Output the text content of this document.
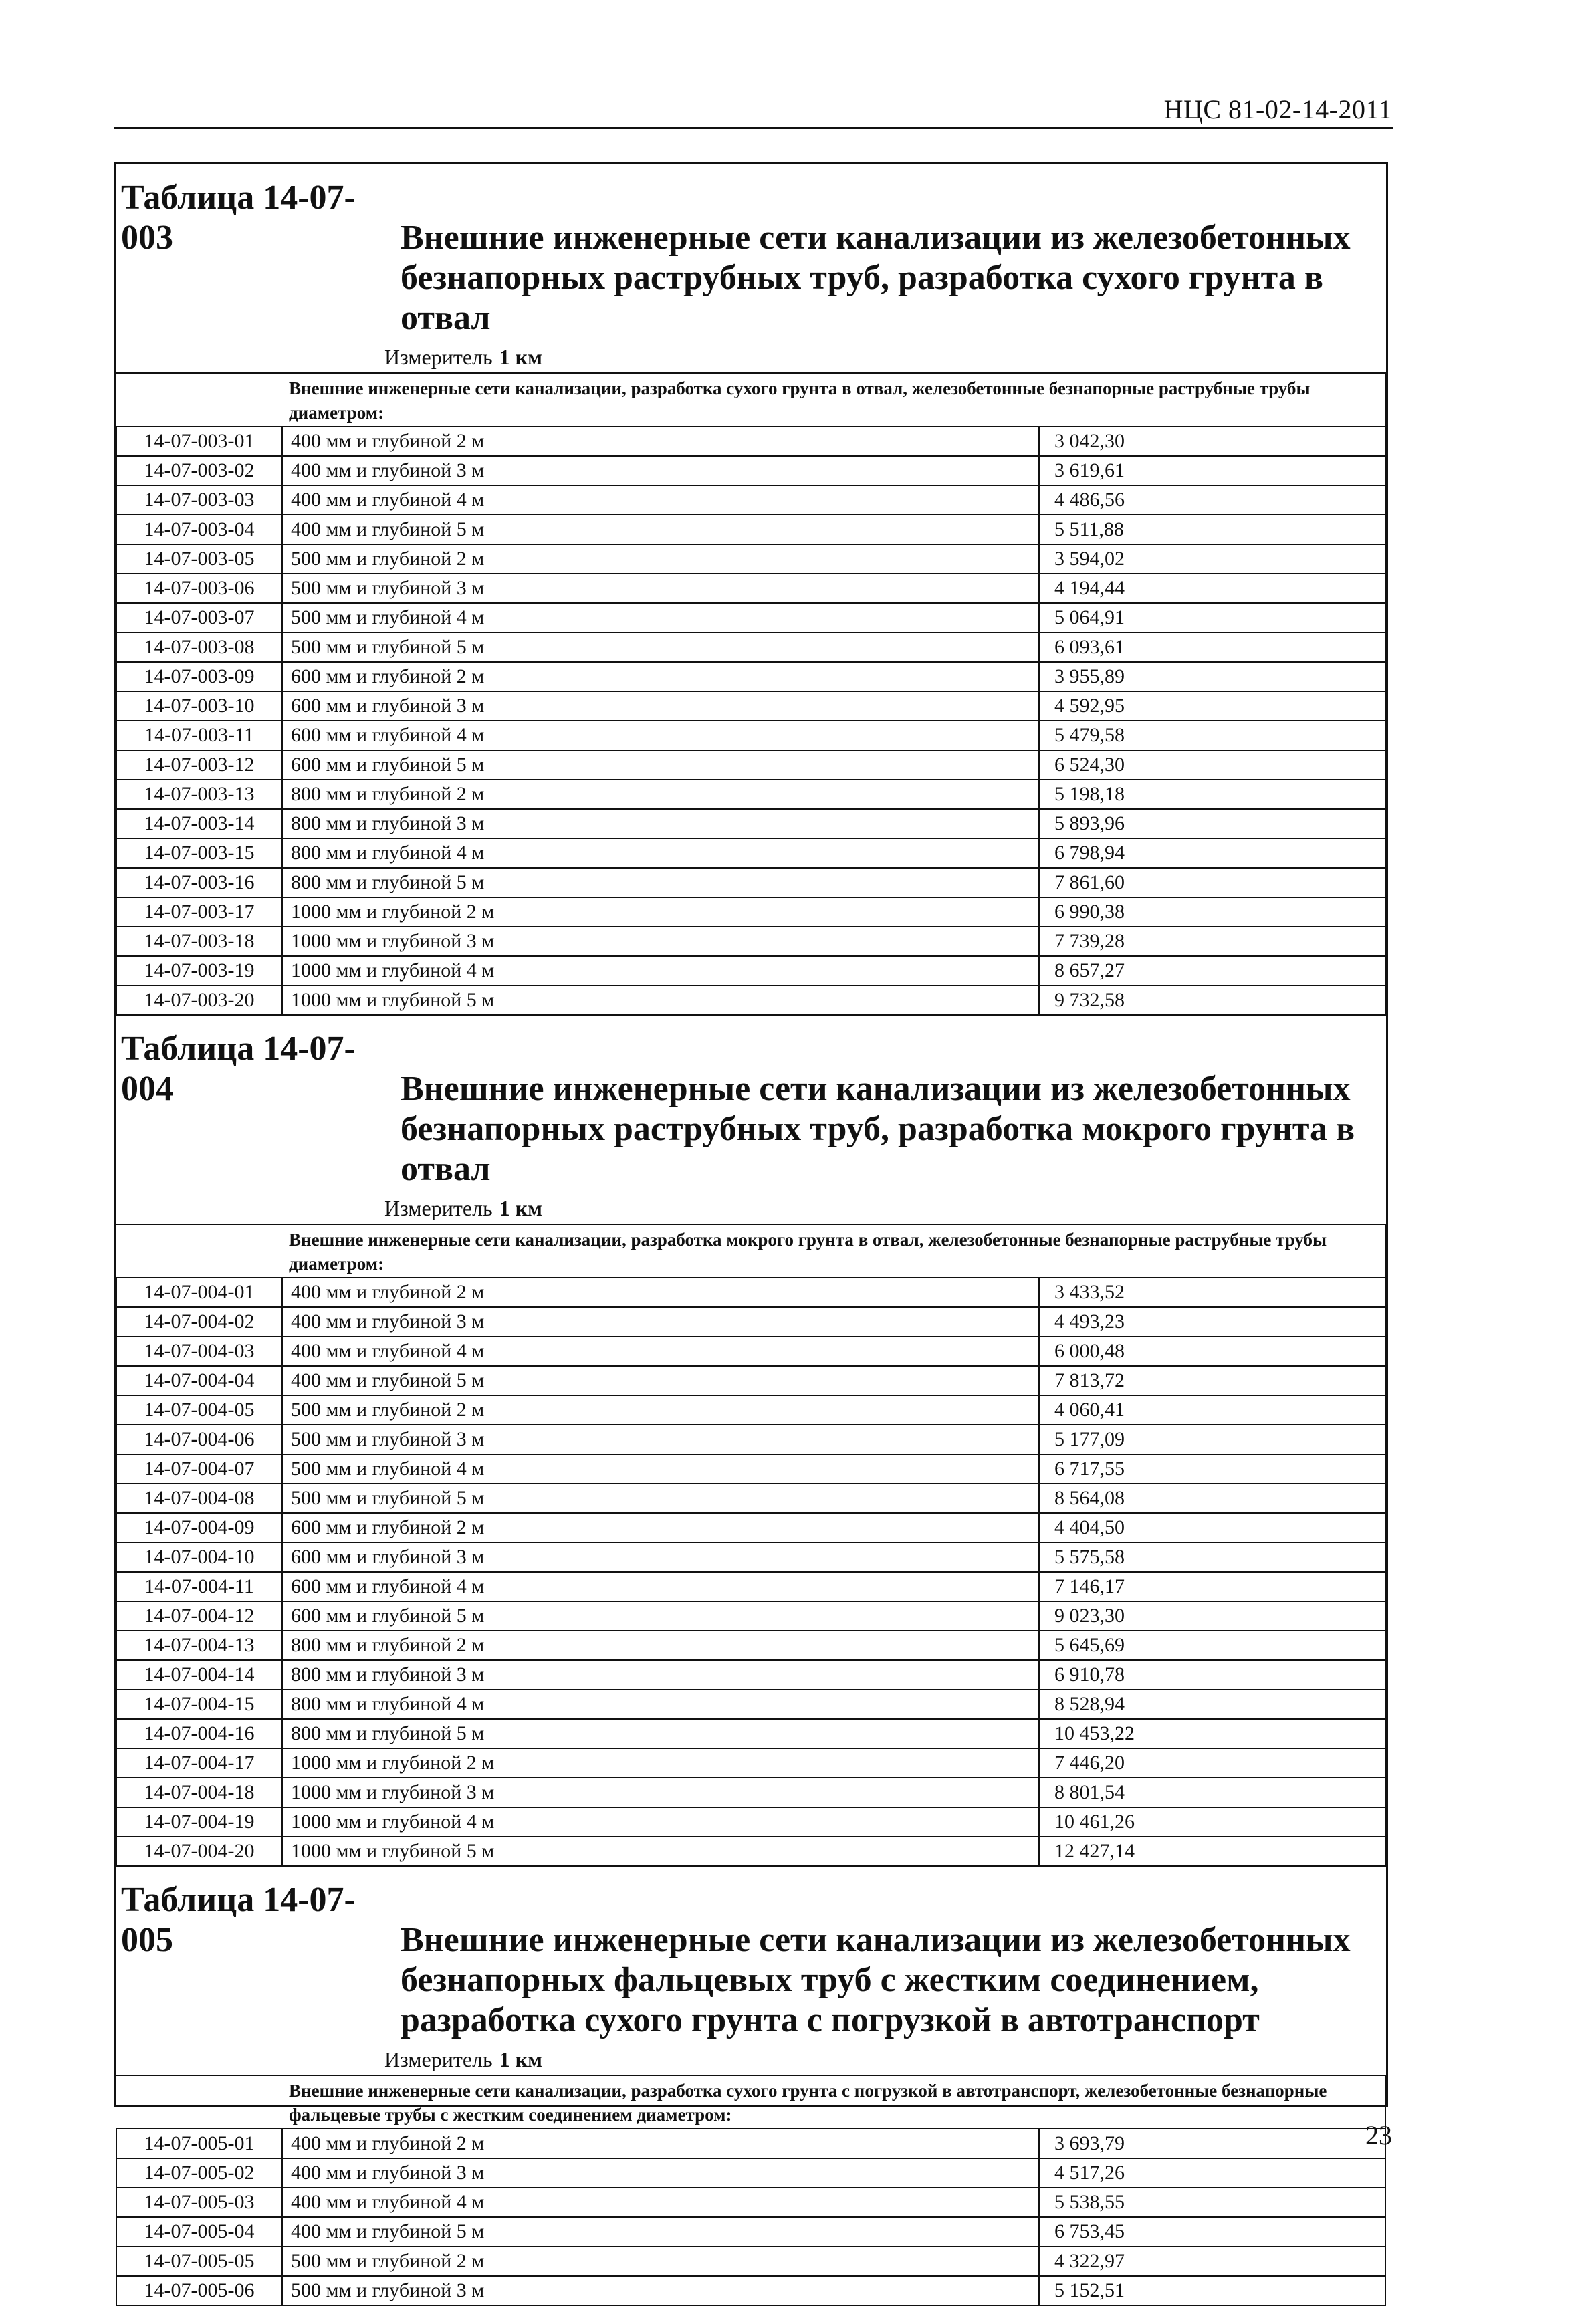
НЦС 81-02-14-2011
Таблица 14-07-003	Внешние инженерные сети канализации из железобетонных
безнапорных раструбных труб, разработка сухого грунта в отвал
Измеритель 1 км
	Внешние инженерные сети канализации, разработка сухого грунта в отвал, железобетонные безнапорные раструбные трубы диаметром:	
14-07-003-01	400 мм и глубиной 2 м	3 042,30
14-07-003-02	400 мм и глубиной 3 м	3 619,61
14-07-003-03	400 мм и глубиной 4 м	4 486,56
14-07-003-04	400 мм и глубиной 5 м	5 511,88
14-07-003-05	500 мм и глубиной 2 м	3 594,02
14-07-003-06	500 мм и глубиной 3 м	4 194,44
14-07-003-07	500 мм и глубиной 4 м	5 064,91
14-07-003-08	500 мм и глубиной 5 м	6 093,61
14-07-003-09	600 мм и глубиной 2 м	3 955,89
14-07-003-10	600 мм и глубиной 3 м	4 592,95
14-07-003-11	600 мм и глубиной 4 м	5 479,58
14-07-003-12	600 мм и глубиной 5 м	6 524,30
14-07-003-13	800 мм и глубиной 2 м	5 198,18
14-07-003-14	800 мм и глубиной 3 м	5 893,96
14-07-003-15	800 мм и глубиной 4 м	6 798,94
14-07-003-16	800 мм и глубиной 5 м	7 861,60
14-07-003-17	1000 мм и глубиной 2 м	6 990,38
14-07-003-18	1000 мм и глубиной 3 м	7 739,28
14-07-003-19	1000 мм и глубиной 4 м	8 657,27
14-07-003-20	1000 мм и глубиной 5 м	9 732,58
Таблица 14-07-004	Внешние инженерные сети канализации из железобетонных
безнапорных раструбных труб, разработка мокрого грунта в отвал
Измеритель 1 км
	Внешние инженерные сети канализации, разработка мокрого грунта в отвал, железобетонные безнапорные раструбные трубы диаметром:	
14-07-004-01	400 мм и глубиной 2 м	3 433,52
14-07-004-02	400 мм и глубиной 3 м	4 493,23
14-07-004-03	400 мм и глубиной 4 м	6 000,48
14-07-004-04	400 мм и глубиной 5 м	7 813,72
14-07-004-05	500 мм и глубиной 2 м	4 060,41
14-07-004-06	500 мм и глубиной 3 м	5 177,09
14-07-004-07	500 мм и глубиной 4 м	6 717,55
14-07-004-08	500 мм и глубиной 5 м	8 564,08
14-07-004-09	600 мм и глубиной 2 м	4 404,50
14-07-004-10	600 мм и глубиной 3 м	5 575,58
14-07-004-11	600 мм и глубиной 4 м	7 146,17
14-07-004-12	600 мм и глубиной 5 м	9 023,30
14-07-004-13	800 мм и глубиной 2 м	5 645,69
14-07-004-14	800 мм и глубиной 3 м	6 910,78
14-07-004-15	800 мм и глубиной 4 м	8 528,94
14-07-004-16	800 мм и глубиной 5 м	10 453,22
14-07-004-17	1000 мм и глубиной 2 м	7 446,20
14-07-004-18	1000 мм и глубиной 3 м	8 801,54
14-07-004-19	1000 мм и глубиной 4 м	10 461,26
14-07-004-20	1000 мм и глубиной 5 м	12 427,14
Таблица 14-07-005	Внешние инженерные сети канализации из железобетонных
безнапорных фальцевых труб с жестким соединением, разработка сухого грунта с погрузкой в автотранспорт
Измеритель 1 км
	Внешние инженерные сети канализации, разработка сухого грунта с погрузкой в автотранспорт, железобетонные безнапорные фальцевые трубы с жестким соединением диаметром:	
14-07-005-01	400 мм и глубиной 2 м	3 693,79
14-07-005-02	400 мм и глубиной 3 м	4 517,26
14-07-005-03	400 мм и глубиной 4 м	5 538,55
14-07-005-04	400 мм и глубиной 5 м	6 753,45
14-07-005-05	500 мм и глубиной 2 м	4 322,97
14-07-005-06	500 мм и глубиной 3 м	5 152,51
23
